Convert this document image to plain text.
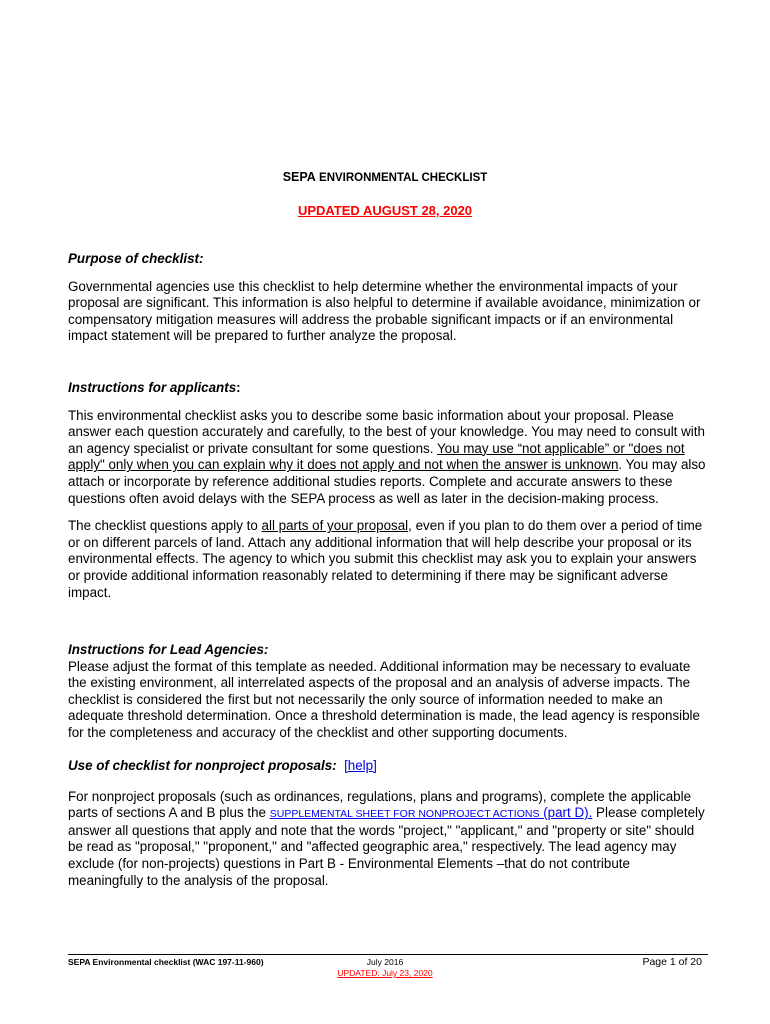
SEPA ENVIRONMENTAL CHECKLIST
UPDATED AUGUST 28, 2020
Purpose of checklist:

Governmental agencies use this checklist to help determine whether the environmental impacts of your proposal are significant. This information is also helpful to determine if available avoidance, minimization or compensatory mitigation measures will address the probable significant impacts or if an environmental impact statement will be prepared to further analyze the proposal.

Instructions for applicants:

This environmental checklist asks you to describe some basic information about your proposal. Please answer each question accurately and carefully, to the best of your knowledge. You may need to consult with an agency specialist or private consultant for some questions. You may use “not applicable” or "does not apply" only when you can explain why it does not apply and not when the answer is unknown. You may also attach or incorporate by reference additional studies reports. Complete and accurate answers to these questions often avoid delays with the SEPA process as well as later in the decision-making process.

The checklist questions apply to all parts of your proposal, even if you plan to do them over a period of time or on different parcels of land. Attach any additional information that will help describe your proposal or its environmental effects. The agency to which you submit this checklist may ask you to explain your answers or provide additional information reasonably related to determining if there may be significant adverse impact.

Instructions for Lead Agencies:

Please adjust the format of this template as needed. Additional information may be necessary to evaluate the existing environment, all interrelated aspects of the proposal and an analysis of adverse impacts. The checklist is considered the first but not necessarily the only source of information needed to make an adequate threshold determination. Once a threshold determination is made, the lead agency is responsible for the completeness and accuracy of the checklist and other supporting documents.

Use of checklist for nonproject proposals: [help]

For nonproject proposals (such as ordinances, regulations, plans and programs), complete the applicable parts of sections A and B plus the SUPPLEMENTAL SHEET FOR NONPROJECT ACTIONS (part D). Please completely answer all questions that apply and note that the words "project," "applicant," and "property or site" should be read as "proposal," "proponent," and "affected geographic area," respectively. The lead agency may exclude (for non-projects) questions in Part B - Environmental Elements –that do not contribute meaningfully to the analysis of the proposal.

SEPA Environmental checklist (WAC 197-11-960)	July 2016
UPDATED: July 23, 2020
Page 1 of 20
